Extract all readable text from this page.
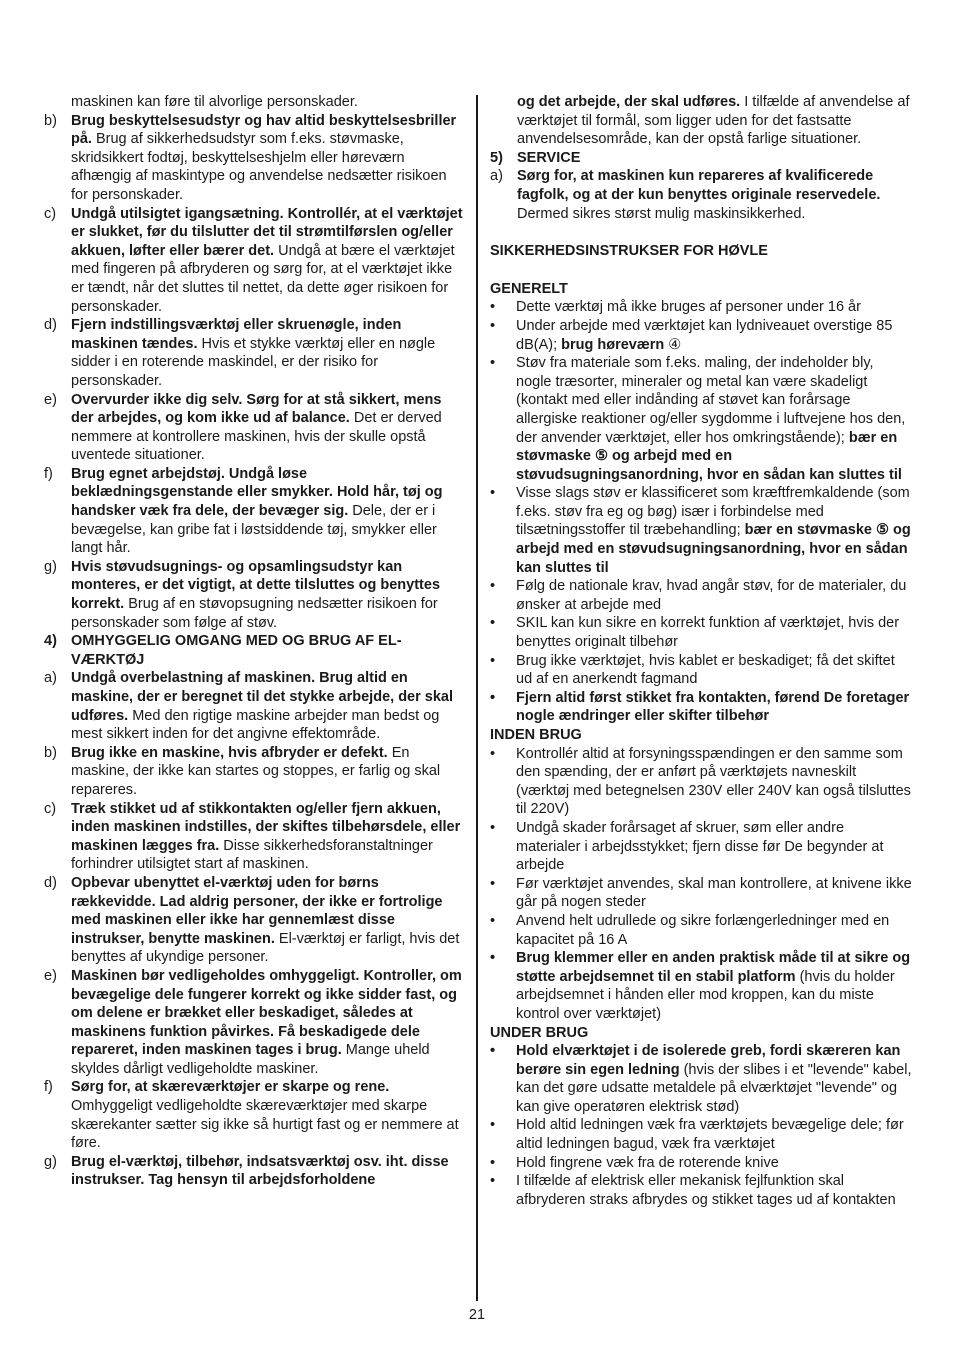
maskinen kan føre til alvorlige personskader.
b) Brug beskyttelsesudstyr og hav altid beskyttelsesbriller på. Brug af sikkerhedsudstyr som f.eks. støvmaske, skridsikkert fodtøj, beskyttelseshjelm eller høreværn afhængig af maskintype og anvendelse nedsætter risikoen for personskader.
c)	Undgå utilsigtet igangsætning. Kontrollér, at el værktøjet er slukket, før du tilslutter det til strømtilførslen og/eller akkuen, løfter eller bærer det. Undgå at bære el værktøjet med fingeren på afbryderen og sørg for, at el værktøjet ikke er tændt, når det sluttes til nettet, da dette øger risikoen for personskader.
d) Fjern indstillingsværktøj eller skruenøgle, inden maskinen tændes. Hvis et stykke værktøj eller en nøgle sidder i en roterende maskindel, er der risiko for personskader.
e) Overvurder ikke dig selv. Sørg for at stå sikkert, mens der arbejdes, og kom ikke ud af balance. Det er derved nemmere at kontrollere maskinen, hvis der skulle opstå uventede situationer.
f)	Brug egnet arbejdstøj. Undgå løse beklædningsgenstande eller smykker. Hold hår, tøj og handsker væk fra dele, der bevæger sig. Dele, der er i bevægelse, kan gribe fat i løstsiddende tøj, smykker eller langt hår.
g) Hvis støvudsugnings- og opsamlingsudstyr kan monteres, er det vigtigt, at dette tilsluttes og benyttes korrekt. Brug af en støvopsugning nedsætter risikoen for personskader som følge af støv.
4) OMHYGGELIG OMGANG MED OG BRUG AF EL-VÆRKTØJ
a) Undgå overbelastning af maskinen. Brug altid en maskine, der er beregnet til det stykke arbejde, der skal udføres. Med den rigtige maskine arbejder man bedst og mest sikkert inden for det angivne effektområde.
b) Brug ikke en maskine, hvis afbryder er defekt. En maskine, der ikke kan startes og stoppes, er farlig og skal repareres.
c)	Træk stikket ud af stikkontakten og/eller fjern akkuen, inden maskinen indstilles, der skiftes tilbehørsdele, eller maskinen lægges fra. Disse sikkerhedsforanstaltninger forhindrer utilsigtet start af maskinen.
d) Opbevar ubenyttet el-værktøj uden for børns rækkevidde. Lad aldrig personer, der ikke er fortrolige med maskinen eller ikke har gennemlæst disse instrukser, benytte maskinen. El-værktøj er farligt, hvis det benyttes af ukyndige personer.
e) Maskinen bør vedligeholdes omhyggeligt. Kontroller, om bevægelige dele fungerer korrekt og ikke sidder fast, og om delene er brækket eller beskadiget, således at maskinens funktion påvirkes. Få beskadigede dele repareret, inden maskinen tages i brug. Mange uheld skyldes dårligt vedligeholdte maskiner.
f)	Sørg for, at skæreværktøjer er skarpe og rene. Omhyggeligt vedligeholdte skæreværktøjer med skarpe skærekanter sætter sig ikke så hurtigt fast og er nemmere at føre.
g) Brug el-værktøj, tilbehør, indsatsværktøj osv. iht. disse instrukser. Tag hensyn til arbejdsforholdene
og det arbejde, der skal udføres. I tilfælde af anvendelse af værktøjet til formål, som ligger uden for det fastsatte anvendelsesområde, kan der opstå farlige situationer.
5) SERVICE
a) Sørg for, at maskinen kun repareres af kvalificerede fagfolk, og at der kun benyttes originale reservedele. Dermed sikres størst mulig maskinsikkerhed.
SIKKERHEDSINSTRUKSER FOR HØVLE
GENERELT
•	Dette værktøj må ikke bruges af personer under 16 år
•	Under arbejde med værktøjet kan lydniveauet overstige 85 dB(A); brug høreværn ④
•	Støv fra materiale som f.eks. maling, der indeholder bly, nogle træsorter, mineraler og metal kan være skadeligt (kontakt med eller indånding af støvet kan forårsage allergiske reaktioner og/eller sygdomme i luftvejene hos den, der anvender værktøjet, eller hos omkringstående); bær en støvmaske ⑤ og arbejd med en støvudsugningsanordning, hvor en sådan kan sluttes til
•	Visse slags støv er klassificeret som kræftfremkaldende (som f.eks. støv fra eg og bøg) især i forbindelse med tilsætningsstoffer til træbehandling; bær en støvmaske ⑤ og arbejd med en støvudsugningsanordning, hvor en sådan kan sluttes til
•	Følg de nationale krav, hvad angår støv, for de materialer, du ønsker at arbejde med
•	SKIL kan kun sikre en korrekt funktion af værktøjet, hvis der benyttes originalt tilbehør
•	Brug ikke værktøjet, hvis kablet er beskadiget; få det skiftet ud af en anerkendt fagmand
•	Fjern altid først stikket fra kontakten, førend De foretager nogle ændringer eller skifter tilbehør
INDEN BRUG
•	Kontrollér altid at forsyningsspændingen er den samme som den spænding, der er anført på værktøjets navneskilt (værktøj med betegnelsen 230V eller 240V kan også tilsluttes til 220V)
•	Undgå skader forårsaget af skruer, søm eller andre materialer i arbejdsstykket; fjern disse før De begynder at arbejde
•	Før værktøjet anvendes, skal man kontrollere, at knivene ikke går på nogen steder
•	Anvend helt udrullede og sikre forlængerledninger med en kapacitet på 16 A
•	Brug klemmer eller en anden praktisk måde til at sikre og støtte arbejdsemnet til en stabil platform (hvis du holder arbejdsemnet i hånden eller mod kroppen, kan du miste kontrol over værktøjet)
UNDER BRUG
•	Hold elværktøjet i de isolerede greb, fordi skæreren kan berøre sin egen ledning (hvis der slibes i et "levende" kabel, kan det gøre udsatte metaldele på elværktøjet "levende" og kan give operatøren elektrisk stød)
•	Hold altid ledningen væk fra værktøjets bevægelige dele; før altid ledningen bagud, væk fra værktøjet
•	Hold fingrene væk fra de roterende knive
•	I tilfælde af elektrisk eller mekanisk fejlfunktion skal afbryderen straks afbrydes og stikket tages ud af kontakten
21
